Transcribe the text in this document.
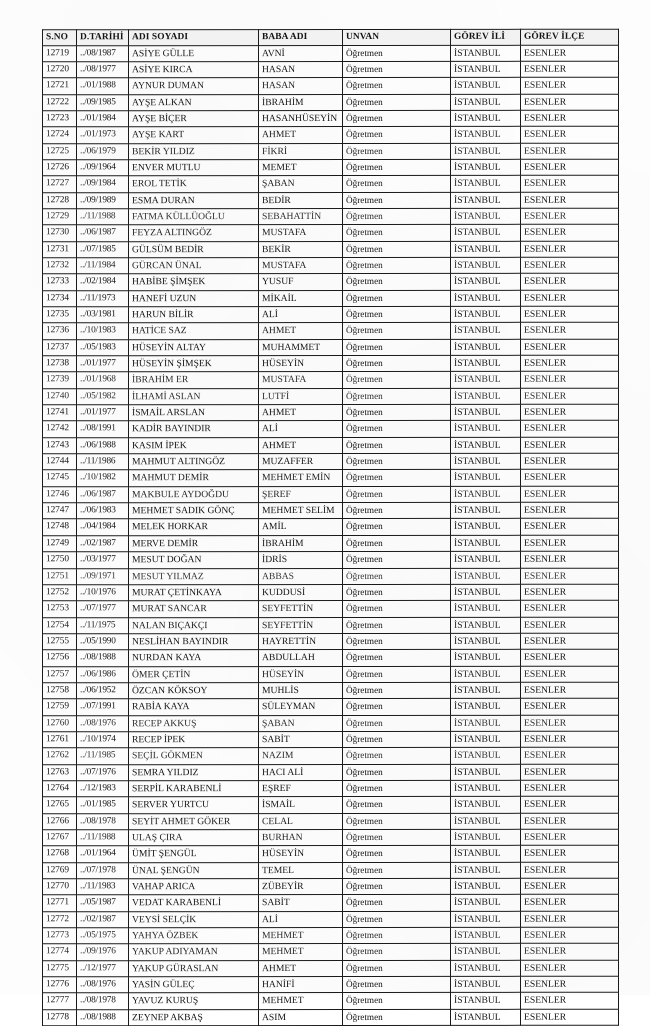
S.NO	D.TARİHİ	ADI SOYADI	BABA ADI	UNVAN	GÖREV İLİ	GÖREV İLÇE
12719	../08/1987	ASİYE GÜLLE	AVNİ	Öğretmen	İSTANBUL	ESENLER
12720	../08/1977	ASİYE KIRCA	HASAN	Öğretmen	İSTANBUL	ESENLER
12721	../01/1988	AYNUR DUMAN	HASAN	Öğretmen	İSTANBUL	ESENLER
12722	../09/1985	AYŞE ALKAN	İBRAHİM	Öğretmen	İSTANBUL	ESENLER
12723	../01/1984	AYŞE BİÇER	HASANHÜSEYİN	Öğretmen	İSTANBUL	ESENLER
12724	../01/1973	AYŞE KART	AHMET	Öğretmen	İSTANBUL	ESENLER
12725	../06/1979	BEKİR YILDIZ	FİKRİ	Öğretmen	İSTANBUL	ESENLER
12726	../09/1964	ENVER MUTLU	MEMET	Öğretmen	İSTANBUL	ESENLER
12727	../09/1984	EROL TETİK	ŞABAN	Öğretmen	İSTANBUL	ESENLER
12728	../09/1989	ESMA DURAN	BEDİR	Öğretmen	İSTANBUL	ESENLER
12729	../11/1988	FATMA KÜLLÜOĞLU	SEBAHATTİN	Öğretmen	İSTANBUL	ESENLER
12730	../06/1987	FEYZA ALTINGÖZ	MUSTAFA	Öğretmen	İSTANBUL	ESENLER
12731	../07/1985	GÜLSÜM BEDİR	BEKİR	Öğretmen	İSTANBUL	ESENLER
12732	../11/1984	GÜRCAN ÜNAL	MUSTAFA	Öğretmen	İSTANBUL	ESENLER
12733	../02/1984	HABİBE ŞİMŞEK	YUSUF	Öğretmen	İSTANBUL	ESENLER
12734	../11/1973	HANEFİ UZUN	MİKAİL	Öğretmen	İSTANBUL	ESENLER
12735	../03/1981	HARUN BİLİR	ALİ	Öğretmen	İSTANBUL	ESENLER
12736	../10/1983	HATİCE SAZ	AHMET	Öğretmen	İSTANBUL	ESENLER
12737	../05/1983	HÜSEYİN ALTAY	MUHAMMET	Öğretmen	İSTANBUL	ESENLER
12738	../01/1977	HÜSEYİN ŞİMŞEK	HÜSEYİN	Öğretmen	İSTANBUL	ESENLER
12739	../01/1968	İBRAHİM ER	MUSTAFA	Öğretmen	İSTANBUL	ESENLER
12740	../05/1982	İLHAMİ ASLAN	LUTFİ	Öğretmen	İSTANBUL	ESENLER
12741	../01/1977	İSMAİL ARSLAN	AHMET	Öğretmen	İSTANBUL	ESENLER
12742	../08/1991	KADİR BAYINDIR	ALİ	Öğretmen	İSTANBUL	ESENLER
12743	../06/1988	KASIM İPEK	AHMET	Öğretmen	İSTANBUL	ESENLER
12744	../11/1986	MAHMUT ALTINGÖZ	MUZAFFER	Öğretmen	İSTANBUL	ESENLER
12745	../10/1982	MAHMUT DEMİR	MEHMET EMİN	Öğretmen	İSTANBUL	ESENLER
12746	../06/1987	MAKBULE AYDOĞDU	ŞEREF	Öğretmen	İSTANBUL	ESENLER
12747	../06/1983	MEHMET SADIK GÖNÇ	MEHMET SELİM	Öğretmen	İSTANBUL	ESENLER
12748	../04/1984	MELEK HORKAR	AMİL	Öğretmen	İSTANBUL	ESENLER
12749	../02/1987	MERVE DEMİR	İBRAHİM	Öğretmen	İSTANBUL	ESENLER
12750	../03/1977	MESUT DOĞAN	İDRİS	Öğretmen	İSTANBUL	ESENLER
12751	../09/1971	MESUT YILMAZ	ABBAS	Öğretmen	İSTANBUL	ESENLER
12752	../10/1976	MURAT ÇETİNKAYA	KUDDUSİ	Öğretmen	İSTANBUL	ESENLER
12753	../07/1977	MURAT SANCAR	SEYFETTİN	Öğretmen	İSTANBUL	ESENLER
12754	../11/1975	NALAN BIÇAKÇI	SEYFETTİN	Öğretmen	İSTANBUL	ESENLER
12755	../05/1990	NESLİHAN BAYINDIR	HAYRETTİN	Öğretmen	İSTANBUL	ESENLER
12756	../08/1988	NURDAN KAYA	ABDULLAH	Öğretmen	İSTANBUL	ESENLER
12757	../06/1986	ÖMER ÇETİN	HÜSEYİN	Öğretmen	İSTANBUL	ESENLER
12758	../06/1952	ÖZCAN KÖKSOY	MUHLİS	Öğretmen	İSTANBUL	ESENLER
12759	../07/1991	RABİA KAYA	SÜLEYMAN	Öğretmen	İSTANBUL	ESENLER
12760	../08/1976	RECEP AKKUŞ	ŞABAN	Öğretmen	İSTANBUL	ESENLER
12761	../10/1974	RECEP İPEK	SABİT	Öğretmen	İSTANBUL	ESENLER
12762	../11/1985	SEÇİL GÖKMEN	NAZIM	Öğretmen	İSTANBUL	ESENLER
12763	../07/1976	SEMRA YILDIZ	HACI ALİ	Öğretmen	İSTANBUL	ESENLER
12764	../12/1983	SERPİL KARABENLİ	EŞREF	Öğretmen	İSTANBUL	ESENLER
12765	../01/1985	SERVER YURTCU	İSMAİL	Öğretmen	İSTANBUL	ESENLER
12766	../08/1978	SEYİT AHMET GÖKER	CELAL	Öğretmen	İSTANBUL	ESENLER
12767	../11/1988	ULAŞ ÇIRA	BURHAN	Öğretmen	İSTANBUL	ESENLER
12768	../01/1964	ÜMİT ŞENGÜL	HÜSEYİN	Öğretmen	İSTANBUL	ESENLER
12769	../07/1978	ÜNAL ŞENGÜN	TEMEL	Öğretmen	İSTANBUL	ESENLER
12770	../11/1983	VAHAP ARICA	ZÜBEYİR	Öğretmen	İSTANBUL	ESENLER
12771	../05/1987	VEDAT KARABENLİ	SABİT	Öğretmen	İSTANBUL	ESENLER
12772	../02/1987	VEYSİ SELÇİK	ALİ	Öğretmen	İSTANBUL	ESENLER
12773	../05/1975	YAHYA ÖZBEK	MEHMET	Öğretmen	İSTANBUL	ESENLER
12774	../09/1976	YAKUP ADIYAMAN	MEHMET	Öğretmen	İSTANBUL	ESENLER
12775	../12/1977	YAKUP GÜRASLAN	AHMET	Öğretmen	İSTANBUL	ESENLER
12776	../08/1976	YASİN GÜLEÇ	HANİFİ	Öğretmen	İSTANBUL	ESENLER
12777	../08/1978	YAVUZ KURUŞ	MEHMET	Öğretmen	İSTANBUL	ESENLER
12778	../08/1988	ZEYNEP AKBAŞ	ASIM	Öğretmen	İSTANBUL	ESENLER
